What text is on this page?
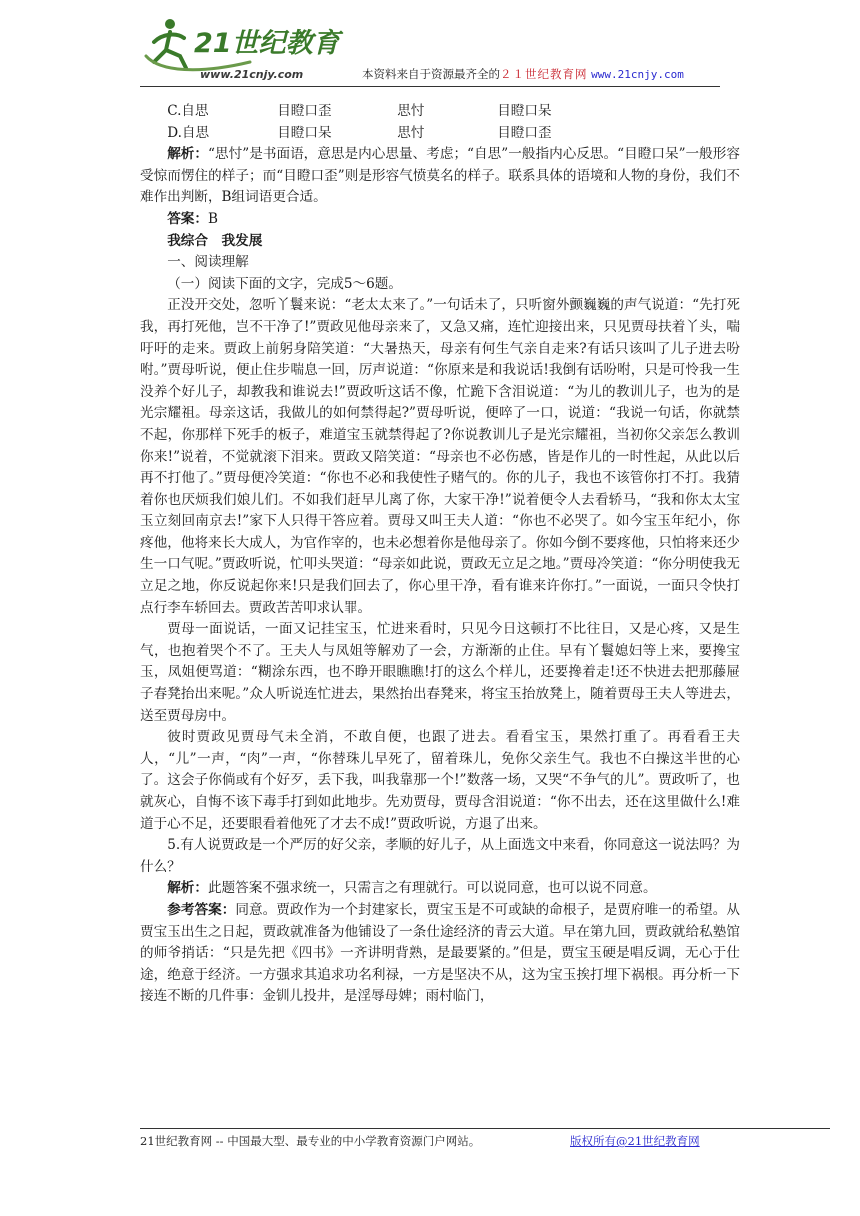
21世纪教育
www.21cnjy.com	本资料来自于资源最齐全的２１世纪教育网 www.21cnjy.com
C.自思	目瞪口歪	思忖	目瞪口呆
D.自思	目瞪口呆	思忖	目瞪口歪

解析：“思忖”是书面语，意思是内心思量、考虑；“自思”一般指内心反思。“目瞪口呆”一般形容受惊而愣住的样子；而“目瞪口歪”则是形容气愤莫名的样子。联系具体的语境和人物的身份，我们不难作出判断，B组词语更合适。

答案：B

我综合　我发展

一、阅读理解

（一）阅读下面的文字，完成5～6题。

正没开交处，忽听丫鬟来说：“老太太来了。”一句话未了，只听窗外颤巍巍的声气说道：“先打死我，再打死他，岂不干净了!”贾政见他母亲来了，又急又痛，连忙迎接出来，只见贾母扶着丫头，喘吁吁的走来。贾政上前躬身陪笑道：“大暑热天，母亲有何生气亲自走来?有话只该叫了儿子进去吩咐。”贾母听说，便止住步喘息一回，厉声说道：“你原来是和我说话!我倒有话吩咐，只是可怜我一生没养个好儿子，却教我和谁说去!”贾政听这话不像，忙跪下含泪说道：“为儿的教训儿子，也为的是光宗耀祖。母亲这话，我做儿的如何禁得起?”贾母听说，便啐了一口，说道：“我说一句话，你就禁不起，你那样下死手的板子，难道宝玉就禁得起了?你说教训儿子是光宗耀祖，当初你父亲怎么教训你来!”说着，不觉就滚下泪来。贾政又陪笑道：“母亲也不必伤感，皆是作儿的一时性起，从此以后再不打他了。”贾母便冷笑道：“你也不必和我使性子赌气的。你的儿子，我也不该管你打不打。我猜着你也厌烦我们娘儿们。不如我们赶早儿离了你，大家干净!”说着便令人去看轿马，“我和你太太宝玉立刻回南京去!”家下人只得干答应着。贾母又叫王夫人道：“你也不必哭了。如今宝玉年纪小，你疼他，他将来长大成人，为官作宰的，也未必想着你是他母亲了。你如今倒不要疼他，只怕将来还少生一口气呢。”贾政听说，忙叩头哭道：“母亲如此说，贾政无立足之地。”贾母冷笑道：“你分明使我无立足之地，你反说起你来!只是我们回去了，你心里干净，看有谁来许你打。”一面说，一面只令快打点行李车轿回去。贾政苦苦叩求认罪。

贾母一面说话，一面又记挂宝玉，忙进来看时，只见今日这顿打不比往日，又是心疼，又是生气，也抱着哭个不了。王夫人与凤姐等解劝了一会，方渐渐的止住。早有丫鬟媳妇等上来，要搀宝玉，凤姐便骂道：“糊涂东西，也不睁开眼瞧瞧!打的这么个样儿，还要搀着走!还不快进去把那藤屉子春凳抬出来呢。”众人听说连忙进去，果然抬出春凳来，将宝玉抬放凳上，随着贾母王夫人等进去，送至贾母房中。

彼时贾政见贾母气未全消，不敢自便，也跟了进去。看看宝玉，果然打重了。再看看王夫人，“儿”一声，“肉”一声，“你替珠儿早死了，留着珠儿，免你父亲生气。我也不白操这半世的心了。这会子你倘或有个好歹，丢下我，叫我靠那一个!”数落一场，又哭“不争气的儿”。贾政听了，也就灰心，自悔不该下毒手打到如此地步。先劝贾母，贾母含泪说道：“你不出去，还在这里做什么!难道于心不足，还要眼看着他死了才去不成!”贾政听说，方退了出来。

5.有人说贾政是一个严厉的好父亲，孝顺的好儿子，从上面选文中来看，你同意这一说法吗？为什么？

解析：此题答案不强求统一，只需言之有理就行。可以说同意，也可以说不同意。

参考答案：同意。贾政作为一个封建家长，贾宝玉是不可或缺的命根子，是贾府唯一的希望。从贾宝玉出生之日起，贾政就准备为他铺设了一条仕途经济的青云大道。早在第九回，贾政就给私塾馆的师爷捎话：“只是先把《四书》一齐讲明背熟，是最要紧的。”但是，贾宝玉硬是唱反调，无心于仕途，绝意于经济。一方强求其追求功名利禄，一方是坚决不从，这为宝玉挨打埋下祸根。再分析一下接连不断的几件事：金钏儿投井，是淫辱母婢；雨村临门，

21世纪教育网 -- 中国最大型、最专业的中小学教育资源门户网站。	版权所有@21世纪教育网
